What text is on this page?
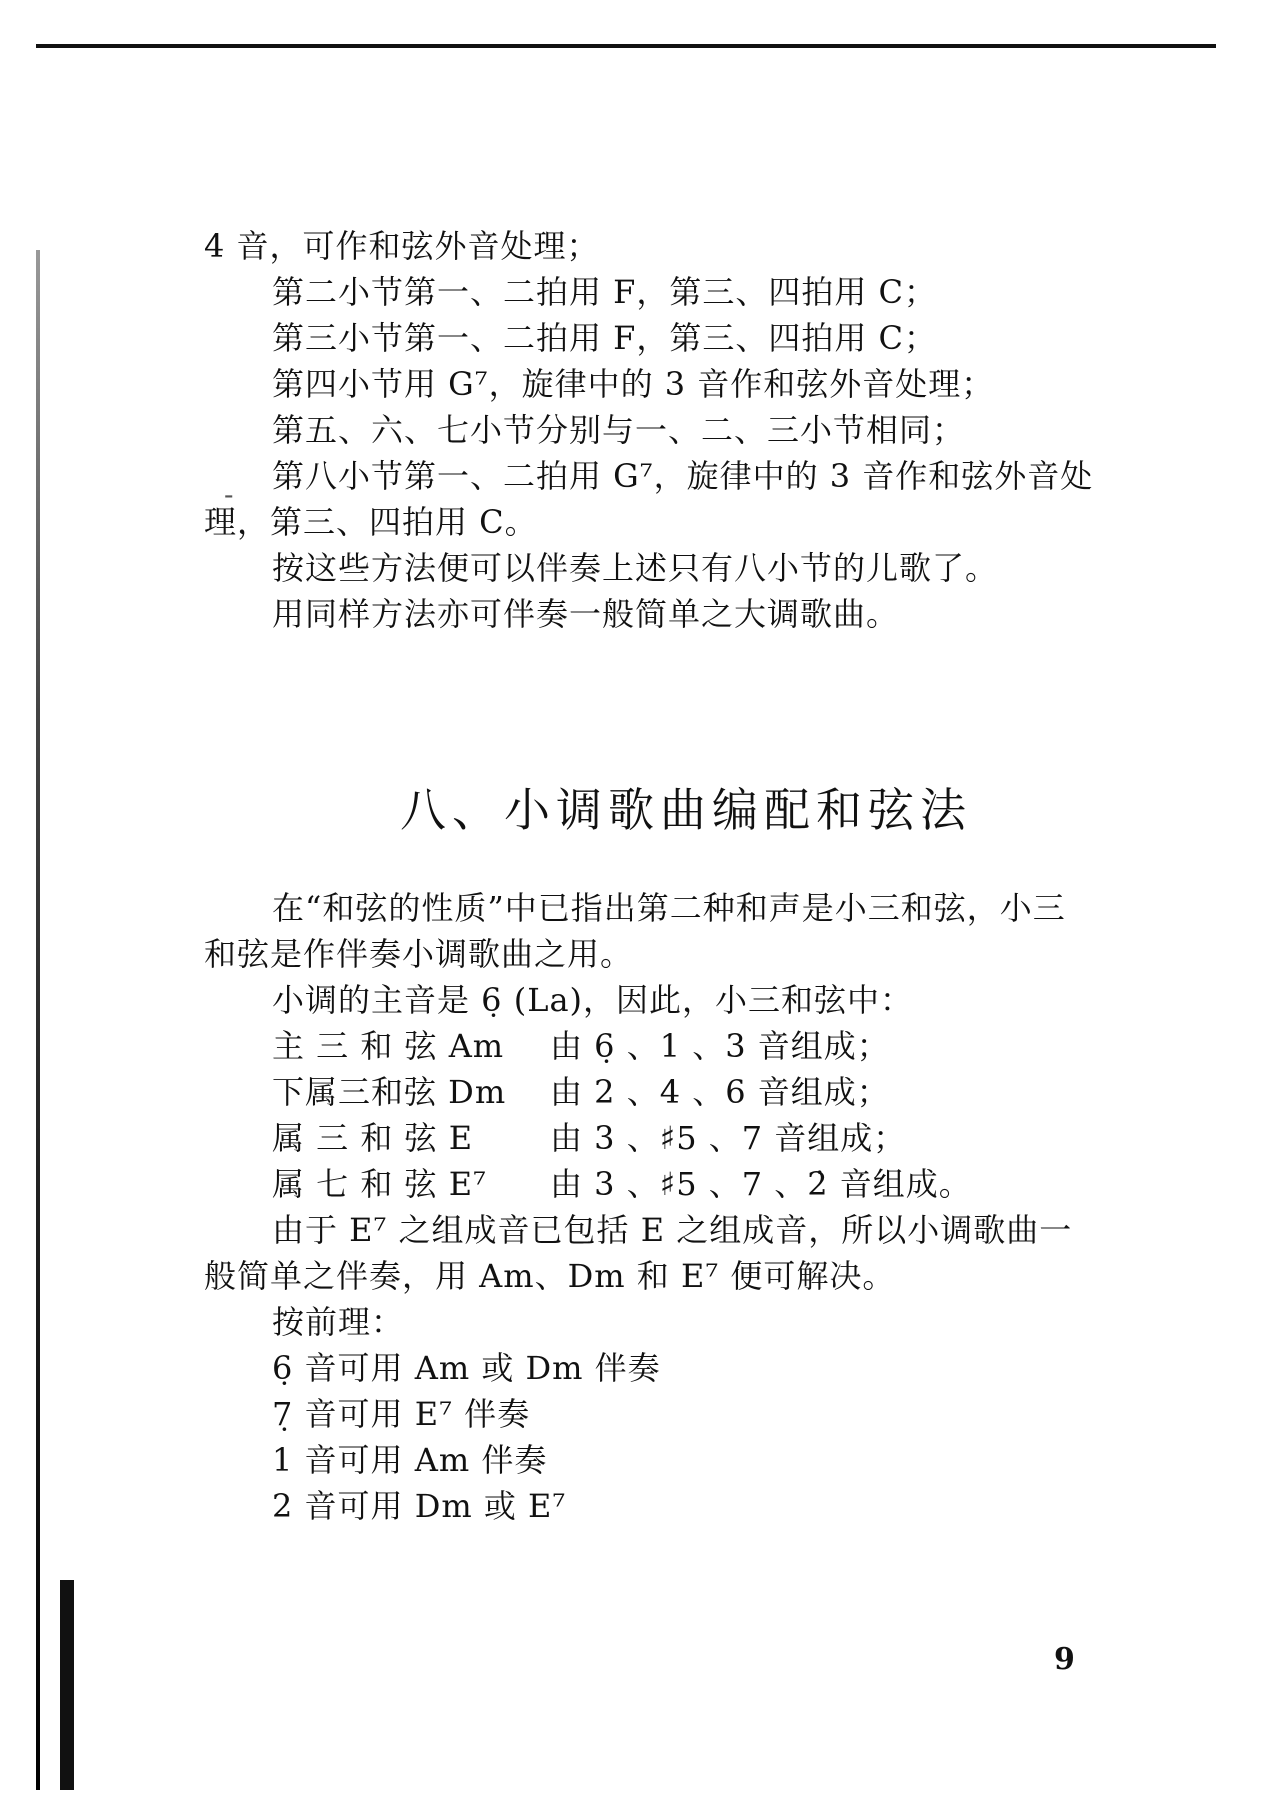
4 音，可作和弦外音处理；
第二小节第一、二拍用 F，第三、四拍用 C；
第三小节第一、二拍用 F，第三、四拍用 C；
第四小节用 G⁷，旋律中的 3 音作和弦外音处理；
-
第五、六、七小节分别与一、二、三小节相同；
第八小节第一、二拍用 G⁷，旋律中的 3 音作和弦外音处
理，第三、四拍用 C。
按这些方法便可以伴奏上述只有八小节的儿歌了。
用同样方法亦可伴奏一般简单之大调歌曲。
八、小调歌曲编配和弦法
在“和弦的性质”中已指出第二种和声是小三和弦，小三
和弦是作伴奏小调歌曲之用。
小调的主音是 6̣ (La)，因此，小三和弦中：
主 三 和 弦 Am 由 6̣ 、1 、3 音组成；
下属三和弦 Dm 由 2 、4 、6 音组成；
属 三 和 弦 E 由 3 、♯5 、7 音组成；
属 七 和 弦 E⁷ 由 3 、♯5 、7 、2̇ 音组成。
由于 E⁷ 之组成音已包括 E 之组成音，所以小调歌曲一
般简单之伴奏，用 Am、Dm 和 E⁷ 便可解决。
按前理：
6̣ 音可用 Am 或 Dm 伴奏
7̣ 音可用 E⁷ 伴奏
1 音可用 Am 伴奏
2 音可用 Dm 或 E⁷
9
